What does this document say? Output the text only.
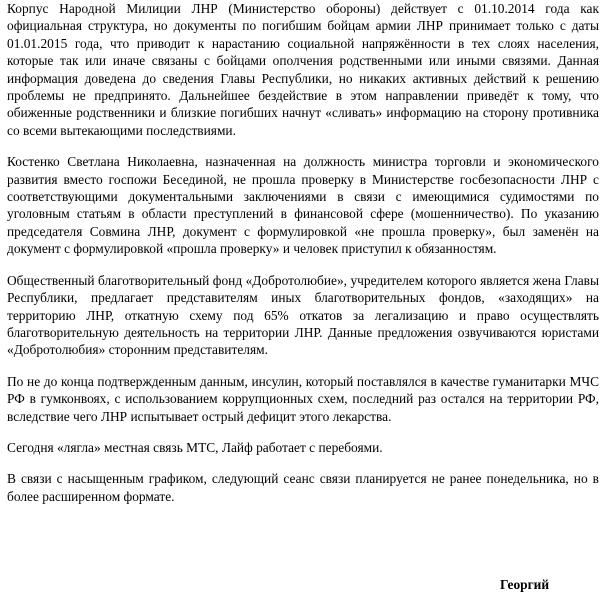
Корпус Народной Милиции ЛНР (Министерство обороны) действует с 01.10.2014 года как официальная структура, но документы по погибшим бойцам армии ЛНР принимает только с даты 01.01.2015 года, что приводит к нарастанию социальной напряжённости в тех слоях населения, которые так или иначе связаны с бойцами ополчения родственными или иными связями. Данная информация доведена до сведения Главы Республики, но никаких активных действий к решению проблемы не предпринято. Дальнейшее бездействие в этом направлении приведёт к тому, что обиженные родственники и близкие погибших начнут «сливать» информацию на сторону противника со всеми вытекающими последствиями.

Костенко Светлана Николаевна, назначенная на должность министра торговли и экономического развития вместо госпожи Бесединой, не прошла проверку в Министерстве госбезопасности ЛНР с соответствующими документальными заключениями в связи с имеющимися судимостями по уголовным статьям в области преступлений в финансовой сфере (мошенничество). По указанию председателя Совмина ЛНР, документ с формулировкой «не прошла проверку», был заменён на документ с формулировкой «прошла проверку» и человек приступил к обязанностям.

Общественный благотворительный фонд «Добротолюбие», учредителем которого является жена Главы Республики, предлагает представителям иных благотворительных фондов, «заходящих» на территорию ЛНР, откатную схему под 65% откатов за легализацию и право осуществлять благотворительную деятельность на территории ЛНР. Данные предложения озвучиваются юристами «Добротолюбия» сторонним представителям.

По не до конца подтвержденным данным, инсулин, который поставлялся в качестве гуманитарки МЧС РФ в гумконвоях, с использованием коррупционных схем, последний раз остался на территории РФ, вследствие чего ЛНР испытывает острый дефицит этого лекарства.

Сегодня «лягла» местная связь МТС, Лайф работает с перебоями.

В связи с насыщенным графиком, следующий сеанс связи планируется не ранее понедельника, но в более расширенном формате.

Георгий
